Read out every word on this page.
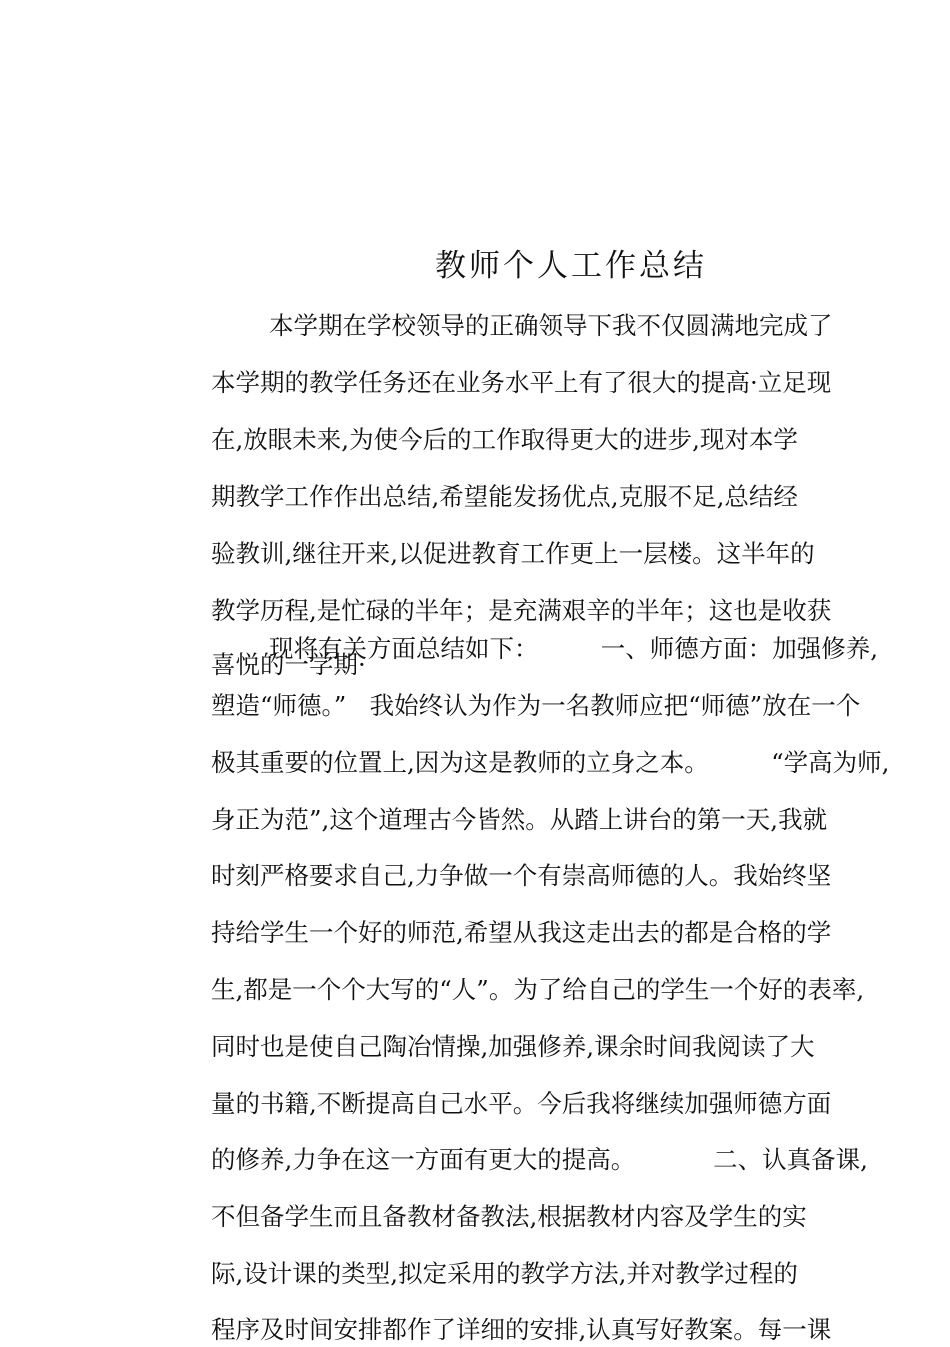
教师个人工作总结

本学期在学校领导的正确领导下我不仅圆满地完成了

本学期的教学任务还在业务水平上有了很大的提高·立足现

在,放眼未来,为使今后的工作取得更大的进步,现对本学

期教学工作作出总结,希望能发扬优点,克服不足,总结经

验教训,继往开来,以促进教育工作更上一层楼。这半年的

教学历程,是忙碌的半年；是充满艰辛的半年；这也是收获

喜悦的一学期·

现将有关方面总结如下：        一、师德方面：加强修养,

塑造“师德。”   我始终认为作为一名教师应把“师德”放在一个

极其重要的位置上,因为这是教师的立身之本。        “学高为师,

身正为范”,这个道理古今皆然。从踏上讲台的第一天,我就

时刻严格要求自己,力争做一个有崇高师德的人。我始终坚

持给学生一个好的师范,希望从我这走出去的都是合格的学

生,都是一个个大写的“人”。为了给自己的学生一个好的表率,

同时也是使自己陶冶情操,加强修养,课余时间我阅读了大

量的书籍,不断提高自己水平。今后我将继续加强师德方面

的修养,力争在这一方面有更大的提高。          二、认真备课,

不但备学生而且备教材备教法,根据教材内容及学生的实

际,设计课的类型,拟定采用的教学方法,并对教学过程的

程序及时间安排都作了详细的安排,认真写好教案。每一课
